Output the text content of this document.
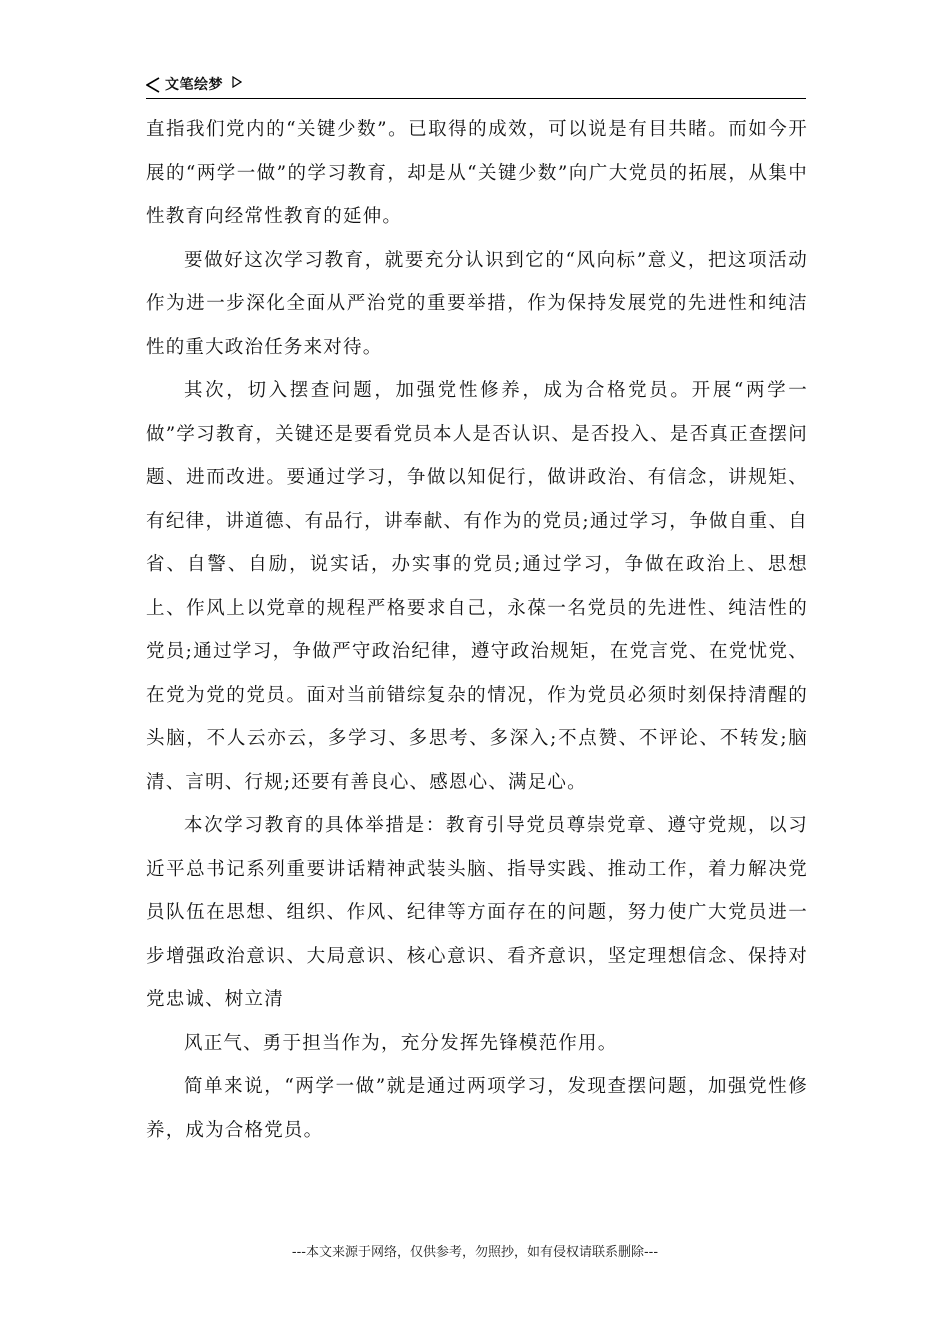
文笔绘梦

直指我们党内的“关键少数”。已取得的成效，可以说是有目共睹。而如今开展的“两学一做”的学习教育，却是从“关键少数”向广大党员的拓展，从集中性教育向经常性教育的延伸。

要做好这次学习教育，就要充分认识到它的“风向标”意义，把这项活动作为进一步深化全面从严治党的重要举措，作为保持发展党的先进性和纯洁性的重大政治任务来对待。

其次，切入摆查问题，加强党性修养，成为合格党员。开展“两学一做”学习教育，关键还是要看党员本人是否认识、是否投入、是否真正查摆问题、进而改进。要通过学习，争做以知促行，做讲政治、有信念，讲规矩、有纪律，讲道德、有品行，讲奉献、有作为的党员;通过学习，争做自重、自省、自警、自励，说实话，办实事的党员;通过学习，争做在政治上、思想上、作风上以党章的规程严格要求自己，永葆一名党员的先进性、纯洁性的党员;通过学习，争做严守政治纪律，遵守政治规矩，在党言党、在党忧党、在党为党的党员。面对当前错综复杂的情况，作为党员必须时刻保持清醒的头脑，不人云亦云，多学习、多思考、多深入;不点赞、不评论、不转发;脑清、言明、行规;还要有善良心、感恩心、满足心。

本次学习教育的具体举措是：教育引导党员尊崇党章、遵守党规，以习近平总书记系列重要讲话精神武装头脑、指导实践、推动工作，着力解决党员队伍在思想、组织、作风、纪律等方面存在的问题，努力使广大党员进一步增强政治意识、大局意识、核心意识、看齐意识，坚定理想信念、保持对党忠诚、树立清

风正气、勇于担当作为，充分发挥先锋模范作用。

简单来说，“两学一做”就是通过两项学习，发现查摆问题，加强党性修养，成为合格党员。

---本文来源于网络，仅供参考，勿照抄，如有侵权请联系删除---
